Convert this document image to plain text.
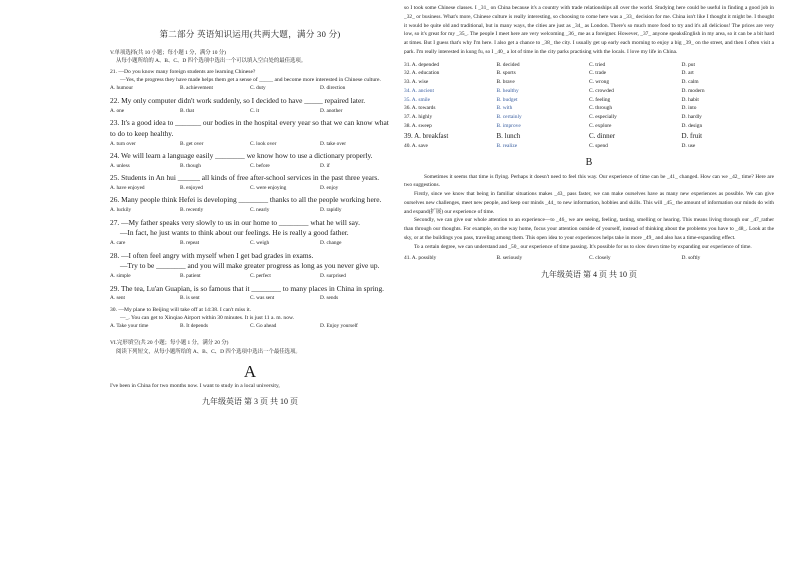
第二部分 英语知识运用(共两大题，满分 30 分)
V.单项选择(共 10 小题；每小题 1 分，满分 10 分)
从每小题所给的 A、B、C、D 四个选项中选出一个可以填入空白处的最佳选项。
21. —Do you know many foreign students are learning Chinese?
—Yes, the progress they have made helps them get a sense of _____ and become more interested in Chinese culture.
A. humour	B. achievement	C. duty	D. direction
22. My only computer didn't work suddenly, so I decided to have _____ repaired later.
A. one	B. that	C. it	D. another
23. It's a good idea to _______ our bodies in the hospital every year so that we can know what to do to keep healthy.
A. turn over	B. get over	C. look over	D. take over
24. We will learn a language easily ________ we know how to use a dictionary properly.
A. unless	B. though	C. before	D. if
25. Students in An hui ______ all kinds of free after-school services in the past three years.
A. have enjoyed	B. enjoyed	C. were enjoying	D. enjoy
26. Many people think Hefei is developing ________ thanks to all the people working here.
A. luckily	B. recently	C. nearly	D. rapidly
27. —My father speaks very slowly to us in our home to ________ what he will say.
—In fact, he just wants to think about our feelings. He is really a good father.
A. care	B. repeat	C. weigh	D. change
28. —I often feel angry with myself when I get bad grades in exams.
—Try to be ________ and you will make greater progress as long as you never give up.
A. simple	B. patient	C. perfect	D. surprised
29. The tea, Lu'an Guapian, is so famous that it ________ to many places in China in spring.
A. sent	B. is sent	C. was sent	D. sends
30. —My plane to Beijing will take off at 14:38. I can't miss it.
—_. You can get to Xinqiao Airport within 30 minutes. It is just 11 a. m. now.
A. Take your time	B. It depends	C. Go ahead	D. Enjoy yourself
VI.完形填空(共 20 小题；每小题 1 分，满分 20 分)
阅读下列短文，从每小题所给的 A、B、C、D 四个选项中选出一个最佳选项。
A
I've been in China for two months now. I want to study in a local university,
九年级英语 第 3 页 共 10 页

so I took some Chinese classes. I _31_ on China because it's a country with trade relationships all over the world. Studying here could be useful in finding a good job in _32_ or business. What's more, Chinese culture is really interesting, so choosing to come here was a _33_ decision for me. China isn't like I thought it might be. I thought it would be quite old and traditional, but in many ways, the cities are just as _34_ as London. There's so much more food to try and it's all delicious! The prices are very low, so it's great for my _35_. The people I meet here are very welcoming _36_ me as a foreigner. However, _37_ anyone speaksEnglish in my area, so it can be a bit hard at times. But I guess that's why I'm here. I also get a chance to _38_ the city. I usually get up early each morning to enjoy a big _39_ on the street, and then I often visit a park. I'm really interested in kung fu, so I _40_ a lot of time in the city parks practising with the locals. I love my life in China.

31. A. depended	B. decided	C. tried	D. put
32. A. education	B. sports	C. trade	D. art
33. A. wise	B. brave	C. wrong	D. calm
34. A. ancient	B. healthy	C. crowded	D. modern
35. A. smile	B. budget	C. feeling	D. habit
36. A. towards	B. with	C. through	D. into
37. A. highly	B. certainly	C. especially	D. hardly
38. A. sweep	B. improve	C. explore	D. design
39. A. breakfast	B. lunch	C. dinner	D. fruit
40. A. save	B. realize	C. spend	D. use
B

Sometimes it seems that time is flying. Perhaps it doesn't need to feel this way. Our experience of time can be _41_ changed. How can we _42_ time? Here are two suggestions.

Firstly, since we know that being in familiar situations makes _43_ pass faster, we can make ourselves have as many new experiences as possible. We can give ourselves new challenges, meet new people, and keep our minds _44_ to new information, hobbies and skills. This will _45_ the amount of information our minds do with and expand(扩展) our experience of time.

Secondly, we can give our whole attention to an experience—to _46_ we are seeing, feeling, tasting, smelling or hearing. This means living through our _47_rather than through our thoughts. For example, on the way home, focus your attention outside of yourself, instead of thinking about the problems you have to _48_. Look at the sky, or at the buildings you pass, traveling among them. This open idea to your experiences helps take in more _49_ and also has a time-expanding effect.

To a certain degree, we can understand and _50_ our experience of time passing. It's possible for us to slow down time by expanding our experience of time.

41. A. possibly	B. seriously	C. closely	D. softly
九年级英语 第 4 页 共 10 页
